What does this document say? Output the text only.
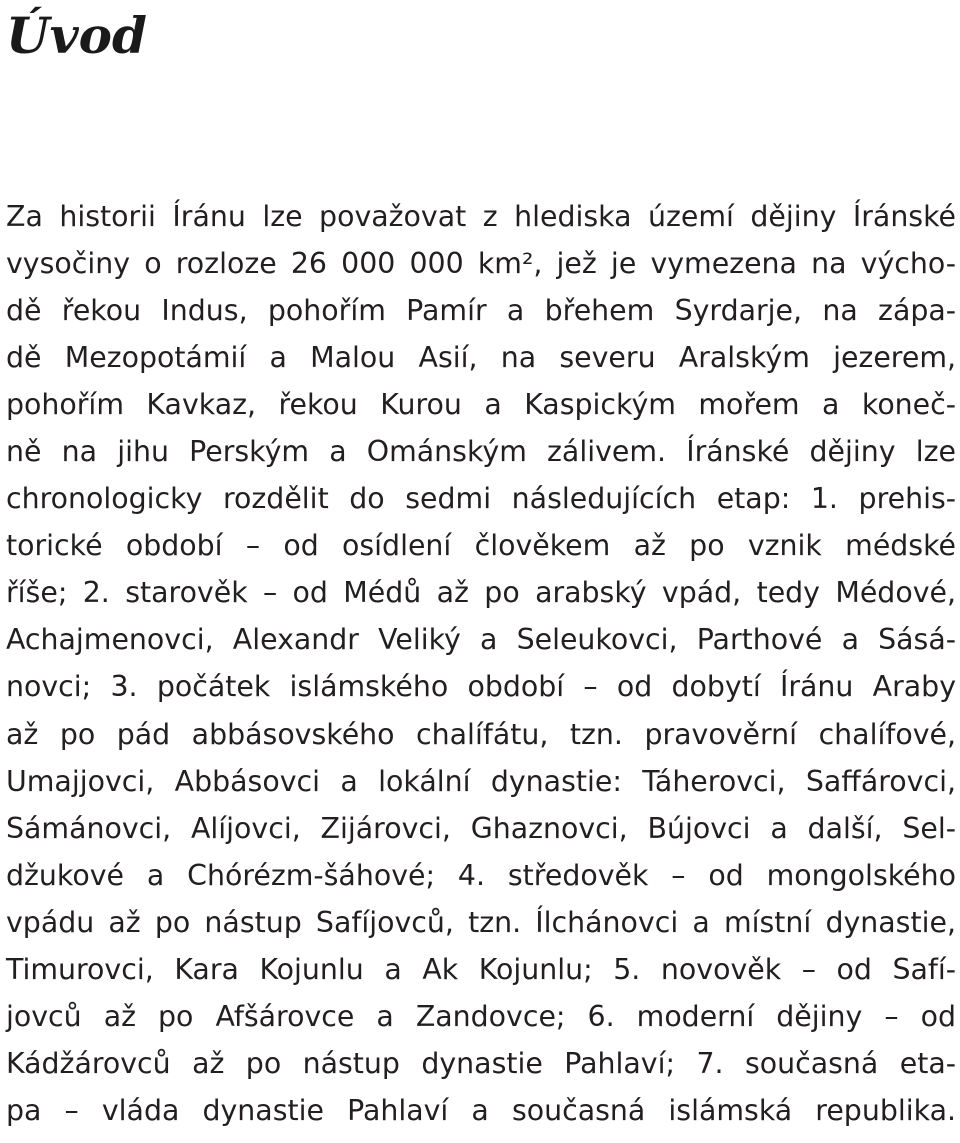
Úvod
Za historii Íránu lze považovat z hlediska území dějiny Íránské
vysočiny o rozloze 26 000 000 km², jež je vymezena na výcho-
dě řekou Indus, pohořím Pamír a břehem Syrdarje, na zápa-
dě Mezopotámií a Malou Asií, na severu Aralským jezerem,
pohořím Kavkaz, řekou Kurou a Kaspickým mořem a koneč-
ně na jihu Perským a Ománským zálivem. Íránské dějiny lze
chronologicky rozdělit do sedmi následujících etap: 1. prehis-
torické období – od osídlení člověkem až po vznik médské
říše; 2. starověk – od Médů až po arabský vpád, tedy Médové,
Achajmenovci, Alexandr Veliký a Seleukovci, Parthové a Sásá-
novci; 3. počátek islámského období – od dobytí Íránu Araby
až po pád abbásovského chalífátu, tzn. pravověrní chalífové,
Umajjovci, Abbásovci a lokální dynastie: Táherovci, Saffárovci,
Sámánovci, Alíjovci, Zijárovci, Ghaznovci, Bújovci a další, Sel-
džukové a Chórézm-šáhové; 4. středověk – od mongolského
vpádu až po nástup Safíjovců, tzn. Ílchánovci a místní dynastie,
Timurovci, Kara Kojunlu a Ak Kojunlu; 5. novověk – od Safí-
jovců až po Afšárovce a Zandovce; 6. moderní dějiny – od
Kádžárovců až po nástup dynastie Pahlaví; 7. současná eta-
pa – vláda dynastie Pahlaví a současná islámská republika.
